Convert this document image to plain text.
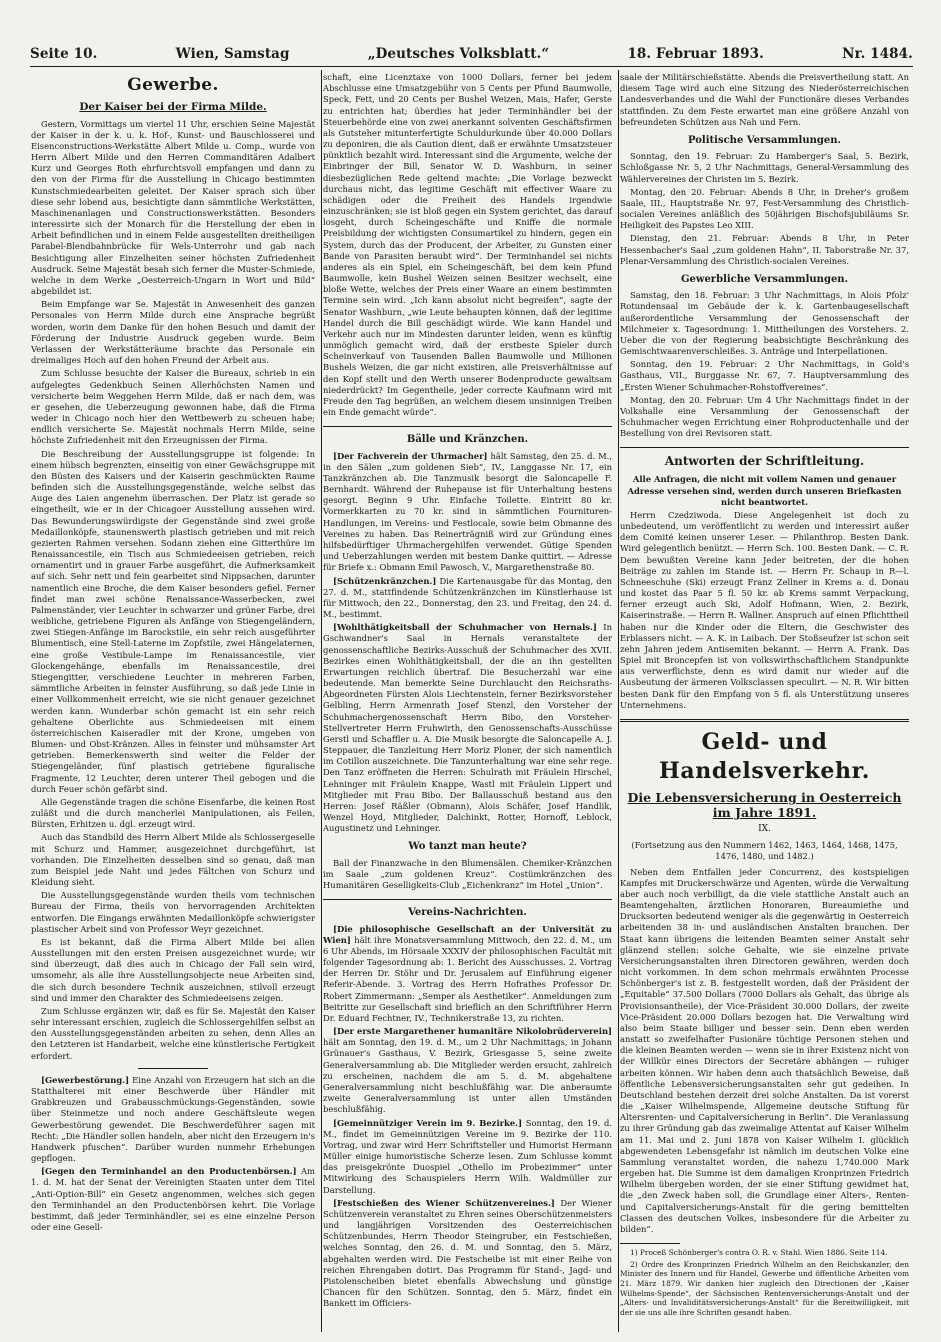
Seite 10.	Wien, Samstag	„Deutsches Volksblatt.“	18. Februar 1893.	Nr. 1484.
Gewerbe.
Der Kaiser bei der Firma Milde.

Gestern, Vormittags um viertel 11 Uhr, erschien Seine Majestät der Kaiser in der k. u. k. Hof-, Kunst- und Bauschlosserei und Eisenconstructions-Werkstätte Albert Milde u. Comp., wurde von Herrn Albert Milde und den Herren Commanditären Adalbert Kurz und Georges Roth ehrfurchtsvoll empfangen und dann zu den von der Firma für die Ausstellung in Chicago bestimmten Kunstschmiedearbeiten geleitet. Der Kaiser sprach sich über diese sehr lobend aus, besichtigte dann sämmtliche Werkstätten, Maschinenanlagen und Constructionswerkstätten. Besonders interessirte sich der Monarch für die Herstellung der eben in Arbeit befindlichen und in einem Felde ausgestellten dreitheiligen Parabel-Blendbahnbrücke für Wels-Unterrohr und gab nach Besichtigung aller Einzelheiten seiner höchsten Zufriedenheit Ausdruck. Seine Majestät besah sich ferner die Muster-Schmiede, welche in dem Werke „Oesterreich-Ungarn in Wort und Bild“ abgebildet ist.

Beim Empfange war Se. Majestät in Anwesenheit des ganzen Personales von Herrn Milde durch eine Ansprache begrüßt worden, worin dem Danke für den hohen Besuch und damit der Förderung der Industrie Ausdruck gegeben wurde. Beim Verlassen der Werkstätteräume brachte das Personale ein dreimaliges Hoch auf den hohen Freund der Arbeit aus.

Zum Schlusse besuchte der Kaiser die Bureaux, schrieb in ein aufgelegtes Gedenkbuch Seinen Allerhöchsten Namen und versicherte beim Weggehen Herrn Milde, daß er nach dem, was er gesehen, die Ueberzeugung gewonnen habe, daß die Firma weder in Chicago noch hier den Wettbewerb zu scheuen habe; endlich versicherte Se. Majestät nochmals Herrn Milde, seine höchste Zufriedenheit mit den Erzeugnissen der Firma.

Die Beschreibung der Ausstellungsgruppe ist folgende: In einem hübsch begrenzten, einseitig von einer Gewächsgruppe mit den Büsten des Kaisers und der Kaiserin geschmückten Raume befinden sich die Ausstellungsgegenstände, welche selbst das Auge des Laien angenehm überraschen. Der Platz ist gerade so eingetheilt, wie er in der Chicagoer Ausstellung aussehen wird. Das Bewunderungswürdigste der Gegenstände sind zwei große Medaillonköpfe, staunenswerth plastisch getrieben und mit reich gezierten Rahmen versehen. Sodann ziehen eine Gitterthüre im Renaissancestile, ein Tisch aus Schmiedeeisen getrieben, reich ornamentirt und in grauer Farbe ausgeführt, die Aufmerksamkeit auf sich. Sehr nett und fein gearbeitet sind Nippsachen, darunter namentlich eine Broche, die dem Kaiser besonders gefiel. Ferner findet man zwei schöne Renaissance-Wasserbecken, zwei Palmenständer, vier Leuchter in schwarzer und grüner Farbe, drei weibliche, getriebene Figuren als Anfänge von Stiegengeländern, zwei Stiegen-Anfänge im Barockstile, ein sehr reich ausgeführter Blumentisch, eine Stell-Laterne im Zopfstile, zwei Hängelaternen, eine große Vestibule-Lampe im Renaissancestile, vier Glockengehänge, ebenfalls im Renaissancestile, drei Stiegengitter, verschiedene Leuchter in mehreren Farben, sämmtliche Arbeiten in feinster Ausführung, so daß jede Linie in einer Vollkommenheit erreicht, wie sie nicht genauer gezeichnet werden kann. Wunderbar schön gemacht ist ein sehr reich gehaltene Oberlichte aus Schmiedeeisen mit einem österreichischen Kaiseradler mit der Krone, umgeben von Blumen- und Obst-Kränzen. Alles in feinster und mühsamster Art getrieben. Bemerkenswerth sind weiter die Felder der Stiegengeländer, fünf plastisch getriebene figuralische Fragmente, 12 Leuchter, deren unterer Theil gebogen und die durch Feuer schön gefärbt sind.

Alle Gegenstände tragen die schöne Eisenfarbe, die keinen Rost zuläßt und die durch mancherlei Manipulationen, als Feilen, Bürsten, Erhitzen u. dgl. erzeugt wird.

Auch das Standbild des Herrn Albert Milde als Schlossergeselle mit Schurz und Hammer, ausgezeichnet durchgeführt, ist vorhanden. Die Einzelheiten desselben sind so genau, daß man zum Beispiel jede Naht und jedes Fältchen von Schurz und Kleidung sieht.

Die Ausstellungsgegenstände wurden theils vom technischen Bureau der Firma, theils von hervorragenden Architekten entworfen. Die Eingangs erwähnten Medaillonköpfe schwierigster plastischer Arbeit sind von Professor Weyr gezeichnet.

Es ist bekannt, daß die Firma Albert Milde bei allen Ausstellungen mit den ersten Preisen ausgezeichnet wurde; wir sind überzeugt, daß dies auch in Chicago der Fall sein wird, umsomehr, als alle ihre Ausstellungsobjecte neue Arbeiten sind, die sich durch besondere Technik auszeichnen, stilvoll erzeugt sind und immer den Charakter des Schmiedeeisens zeigen.

Zum Schlusse ergänzen wir, daß es für Se. Majestät den Kaiser sehr interessant erschien, zugleich die Schlossergehilfen selbst an den Ausstellungsgegenständen arbeiten zu sehen, denn Alles an den Letzteren ist Handarbeit, welche eine künstlerische Fertigkeit erfordert.

[Gewerbestörung.] Eine Anzahl von Erzeugern hat sich an die Statthalterei mit einer Beschwerde über Händler mit Grabkreuzen und Grabausschmückungs-Gegenständen, sowie über Steinmetze und noch andere Geschäftsleute wegen Gewerbestörung gewendet. Die Beschwerdeführer sagen mit Recht: „Die Händler sollen handeln, aber nicht den Erzeugern in's Handwerk pfuschen“. Darüber wurden nunmehr Erhebungen gepflogen.

[Gegen den Terminhandel an den Productenbörsen.] Am 1. d. M. hat der Senat der Vereinigten Staaten unter dem Titel „Anti-Option-Bill“ ein Gesetz angenommen, welches sich gegen den Terminhandel an den Productenbörsen kehrt. Die Vorlage bestimmt, daß jeder Terminhändler, sei es eine einzelne Person oder eine Gesell-

schaft, eine Licenztaxe von 1000 Dollars, ferner bei jedem Abschlusse eine Umsatzgebühr von 5 Cents per Pfund Baumwolle, Speck, Fett, und 20 Cents per Bushel Weizen, Mais, Hafer, Gerste zu entrichten hat; überdies hat jeder Terminhändler bei der Steuerbehörde eine von zwei anerkannt solventen Geschäftsfirmen als Gutsteher mitunterfertigte Schuldurkunde über 40.000 Dollars zu deponiren, die als Caution dient, daß er erwähnte Umsatzsteuer pünktlich bezahlt wird. Interessant sind die Argumente, welche der Einbringer der Bill, Senator W. D. Washburn, in seiner diesbezüglichen Rede geltend machte: „Die Vorlage bezweckt durchaus nicht, das legitime Geschäft mit effectiver Waare zu schädigen oder die Freiheit des Handels irgendwie einzuschränken; sie ist bloß gegen ein System gerichtet, das darauf losgeht, durch Scheingeschäfte und Kniffe die normale Preisbildung der wichtigsten Consumartikel zu hindern, gegen ein System, durch das der Producent, der Arbeiter, zu Gunsten einer Bande von Parasiten beraubt wird“. Der Terminhandel sei nichts anderes als ein Spiel, ein Scheingeschäft, bei dem kein Pfund Baumwolle, kein Bushel Weizen seinen Besitzer wechselt, eine bloße Wette, welches der Preis einer Waare an einem bestimmten Termine sein wird. „Ich kann absolut nicht begreifen“, sagte der Senator Washburn, „wie Leute behaupten können, daß der legitime Handel durch die Bill geschädigt würde. Wie kann Handel und Verkehr auch nur im Mindesten darunter leiden, wenn es künftig unmöglich gemacht wird, daß der erstbeste Spieler durch Scheinverkauf von Tausenden Ballen Baumwolle und Millionen Bushels Weizen, die gar nicht existiren, alle Preisverhältnisse auf den Kopf stellt und den Werth unserer Bodenproducte gewaltsam niederdrückt? Im Gegentheile, jeder correcte Kaufmann wird mit Freude den Tag begrüßen, an welchem diesem unsinnigen Treiben ein Ende gemacht würde“.

Bälle und Kränzchen.

[Der Fachverein der Uhrmacher] hält Samstag, den 25. d. M., in den Sälen „zum goldenen Sieb“, IV., Langgasse Nr. 17, ein Tanzkränzchen ab. Die Tanzmusik besorgt die Saloncapelle F. Bernhardt. Während der Ruhepause ist für Unterhaltung bestens gesorgt. Beginn 9 Uhr. Einfache Toilette. Eintritt 80 kr. Vormerkkarten zu 70 kr. sind in sämmtlichen Fournituren-Handlungen, im Vereins- und Festlocale, sowie beim Obmanne des Vereines zu haben. Das Reinerträgniß wird zur Gründung eines hilfsbedürftiger Uhrmachergehilfen verwendet. Gütige Spenden und Ueberzahlungen werden mit bestem Danke quittirt. — Adresse für Briefe x.: Obmann Emil Pawosch, V., Margarethenstraße 80.

[Schützenkränzchen.] Die Kartenausgabe für das Montag, den 27. d. M., stattfindende Schützenkränzchen im Künstlerhause ist für Mittwoch, den 22., Donnerstag, den 23. und Freitag, den 24. d. M., bestimmt.

[Wohlthätigkeitsball der Schuhmacher von Hernals.] In Gschwandner's Saal in Hernals veranstaltete der genossenschaftliche Bezirks-Ausschuß der Schuhmacher des XVII. Bezirkes einen Wohlthätigkeitsball, der die an ihn gestellten Erwartungen reichlich übertraf. Die Besucherzahl war eine bedeutende. Man bemerkte Seine Durchlaucht den Reichsraths-Abgeordneten Fürsten Alois Liechtenstein, ferner Bezirksvorsteher Gelbling, Herrn Armenrath Josef Stenzl, den Vorsteher der Schuhmachergenossenschaft Herrn Bibo, den Vorsteher-Stellvertreter Herrn Fruhwirth, den Genossenschafts-Ausschüsse Gerstl und Schaffler u. A. Die Musik besorgte die Saloncapelle A. J. Steppauer, die Tanzleitung Herr Moriz Ploner, der sich namentlich im Cotillon auszeichnete. Die Tanzunterhaltung war eine sehr rege. Den Tanz eröffneten die Herren: Schulrath mit Fräulein Hirschel, Lehninger mit Fräulein Knappe, Wastl mit Fräulein Lippert und Mitglieder mit Frau Bibo. Der Ballausschuß bestand aus den Herren: Josef Räßler (Obmann), Alois Schäfer, Josef Handlik, Wenzel Hoyd, Mitglieder, Dalchinkt, Rotter, Hornoff, Leblock, Augustinetz und Lehninger.

Wo tanzt man heute?

Ball der Finanzwache in den Blumensälen. Chemiker-Kränzchen im Saale „zum goldenen Kreuz“. Costümkränzchen des Humanitären Geselligkeits-Club „Eichenkranz“ im Hotel „Union“.

Vereins-Nachrichten.

[Die philosophische Gesellschaft an der Universität zu Wien] hält ihre Monatsversammlung Mittwoch, den 22. d. M., um 6 Uhr Abends, im Hörsaale XXXIV der philosophischen Facultät mit folgender Tagesordnung ab: 1. Bericht des Ausschusses. 2. Vortrag der Herren Dr. Stöhr und Dr. Jerusalem auf Einführung eigener Referir-Abende. 3. Vortrag des Herrn Hofrathes Professor Dr. Robert Zimmermann: „Semper als Aesthetiker“. Anmeldungen zum Beitritte zur Gesellschaft sind brieflich an den Schriftführer Herrn Dr. Eduard Fechtner, IV., Technikerstraße 13, zu richten.

[Der erste Margarethener humanitäre Nikolobrüderverein] hält am Sonntag, den 19. d. M., um 2 Uhr Nachmittags, in Johann Grünauer's Gasthaus, V. Bezirk, Griesgasse 5, seine zweite Generalversammlung ab. Die Mitglieder werden ersucht, zahlreich zu erscheinen, nachdem die am 5. d. M. abgehaltene Generalversammlung nicht beschlußfähig war. Die anberaumte zweite Generalversammlung ist unter allen Umständen beschlußfähig.

[Gemeinnütziger Verein im 9. Bezirke.] Sonntag, den 19. d. M., findet im Gemeinnützigen Vereine im 9. Bezirke der 110. Vortrag, und zwar wird Herr Schriftsteller und Humorist Hermann Müller einige humoristische Scherze lesen. Zum Schlusse kommt das preisgekrönte Duospiel „Othello im Probezimmer“ unter Mitwirkung des Schauspielers Herrn Wilh. Waldmüller zur Darstellung.

[Festschießen des Wiener Schützenvereines.] Der Wiener Schützenverein veranstaltet zu Ehren seines Oberschützenmeisters und langjährigen Vorsitzenden des Oesterreichischen Schützenbundes, Herrn Theodor Steingruber, ein Festschießen, welches Sonntag, den 26. d. M. und Sonntag, den 5. März, abgehalten werden wird. Die Festscheibe ist mit einer Reihe von reichen Ehrengaben dotirt. Das Programm für Stand-, Jagd- und Pistolenscheiben bietet ebenfalls Abwechslung und günstige Chancen für den Schützen. Sonntag, den 5. März, findet ein Bankett im Officiers-

saale der Militärschießstätte. Abends die Preisvertheilung statt. An diesem Tage wird auch eine Sitzung des Niederösterreichischen Landesverbandes und die Wahl der Functionäre dieses Verbandes stattfinden. Zu dem Feste erwartet man eine größere Anzahl von befreundeten Schützen aus Nah und Fern.

Politische Versammlungen.

Sonntag, den 19. Februar: Zu Hamberger's Saal, 5. Bezirk, Schloßgasse Nr. 5, 2 Uhr Nachmittags, General-Versammlung des Wählervereines der Christen im 5. Bezirk.

Montag, den 20. Februar: Abends 8 Uhr, in Dreher's großem Saale, III., Hauptstraße Nr. 97, Fest-Versammlung des Christlich-socialen Vereines anläßlich des 50jährigen Bischofsjubiläums Sr. Heiligkeit des Papstes Leo XIII.

Dienstag, den 21. Februar: Abends 8 Uhr, in Peter Hessenbacher's Saal „zum goldenen Hahn“, II. Taborstraße Nr. 37, Plenar-Versammlung des Christlich-socialen Vereines.

Gewerbliche Versammlungen.

Samstag, den 18. Februar: 3 Uhr Nachmittags, in Alois Pfolz' Rotundensaal im Gebäude der k. k. Gartenbaugesellschaft außerordentliche Versammlung der Genossenschaft der Milchmeier x. Tagesordnung: 1. Mittheilungen des Vorstehers. 2. Ueber die von der Regierung beabsichtigte Beschränkung des Gemischtwaarenverschleißes. 3. Anträge und Interpellationen.

Sonntag, den 19. Februar: 2 Uhr Nachmittags, in Gold's Gasthaus, VII., Burggasse Nr. 67, 7. Hauptversammlung des „Ersten Wiener Schuhmacher-Rohstoffvereines“.

Montag, den 20. Februar: Um 4 Uhr Nachmittags findet in der Volkshalle eine Versammlung der Genossenschaft der Schuhmacher wegen Errichtung einer Rohproductenhalle und der Bestellung von drei Revisoren statt.

Antworten der Schriftleitung.

Alle Anfragen, die nicht mit vollem Namen und genauer Adresse versehen sind, werden durch unseren Briefkasten nicht beantwortet.

Herrn Czedziwoda. Diese Angelegenheit ist doch zu unbedeutend, um veröffentlicht zu werden und interessirt außer dem Comité keinen unserer Leser. — Philanthrop. Besten Dank. Wird gelegentlich benützt. — Herrn Sch. 100. Besten Dank. — C. R. Dem bewußten Vereine kann Jeder beitreten, der die hohen Beiträge zu zahlen im Stande ist. — Herrn Fr. Schaup in R—l. Schneeschuhe (Ski) erzeugt Franz Zellner in Krems a. d. Donau und kostet das Paar 5 fl. 50 kr. ab Krems sammt Verpackung, ferner erzeugt auch Ski, Adolf Hofmann, Wien, 2. Bezirk, Kaiserinstraße. — Herrn R. Wallner. Anspruch auf einen Pflichttheil haben nur die Kinder oder die Eltern, die Geschwister des Erblassers nicht. — A. K. in Laibach. Der Stoßseufzer ist schon seit zehn Jahren jedem Antisemiten bekannt. — Herrn A. Frank. Das Spiel mit Broncepfen ist von volkswirthschaftlichem Standpunkte aus verwerflichste, denn es wird damit nur wieder auf die Ausbeutung der ärmeren Volksclassen speculirt. — N. R. Wir bitten besten Dank für den Empfang von 5 fl. als Unterstützung unseres Unternehmens.

Geld- und Handelsverkehr.
Die Lebensversicherung in Oesterreich im Jahre 1891.
IX.
(Fortsetzung aus den Nummern 1462, 1463, 1464, 1468, 1475, 1476, 1480, und 1482.)

Neben dem Entfallen jeder Concurrenz, des kostspieligen Kampfes mit Druckerschwärze und Agenten, würde die Verwaltung aber auch noch verbilligt, da die viele stattliche Anstalt auch an Beamtengehalten, ärztlichen Honoraren, Bureaumiethe und Drucksorten bedeutend weniger als die gegenwärtig in Oesterreich arbeitenden 38 in- und ausländischen Anstalten brauchen. Der Staat kann übrigens die leitenden Beamten seiner Anstalt sehr glänzend stellen: solche Gehalte, wie sie einzelne private Versicherungsanstalten ihren Directoren gewähren, werden doch nicht vorkommen. In dem schon mehrmals erwähnten Processe Schönberger's ist z. B. festgestellt worden, daß der Präsident der „Equitable“ 37.500 Dollars (7000 Dollars als Gehalt, das übrige als Provisionsantheile), der Vice-Präsident 30.000 Dollars, der zweite Vice-Präsident 20.000 Dollars bezogen hat. Die Verwaltung wird also beim Staate billiger und besser sein. Denn eben werden anstatt so zweifelhafter Fusionäre tüchtige Personen stehen und die kleinen Beamten werden — wenn sie in ihrer Existenz nicht von der Willkür eines Directors der Secretäre abhängen — ruhiger arbeiten können. Wir haben denn auch thatsächlich Beweise, daß öffentliche Lebensversicherungsanstalten sehr gut gedeihen. In Deutschland bestehen derzeit drei solche Anstalten. Da ist vorerst die „Kaiser Wilhelmspende, Allgemeine deutsche Stiftung für Altersrenten- und Capitalversicherung in Berlin“. Die Veranlassung zu ihrer Gründung gab das zweimalige Attentat auf Kaiser Wilhelm am 11. Mai und 2. Juni 1878 von Kaiser Wilhelm I. glücklich abgewendeten Lebensgefahr ist nämlich im deutschen Volke eine Sammlung veranstaltet worden, die nahezu 1,740.000 Mark ergeben hat. Die Summe ist dem damaligen Kronprinzen Friedrich Wilhelm übergeben worden, der sie einer Stiftung gewidmet hat, die „den Zweck haben soll, die Grundlage einer Alters-, Renten- und Capitalversicherungs-Anstalt für die gering bemittelten Classen des deutschen Volkes, insbesondere für die Arbeiter zu bilden“.

1) Proceß Schönberger's contra O. R. v. Stahl. Wien 1886. Seite 114.

2) Ordre des Kronprinzen Friedrich Wilhelm an den Reichskanzler, den Minister des Innern und für Handel, Gewerbe und öffentliche Arbeiten vom 21. März 1879. Wir danken hier zugleich den Directionen der „Kaiser Wilhelms-Spende“, der Sächsischen Rentenversicherungs-Anstalt und der „Alters- und Invaliditätsversicherungs-Anstalt“ für die Bereitwilligkeit, mit der sie uns alle ihre Schriften gesandt haben.
